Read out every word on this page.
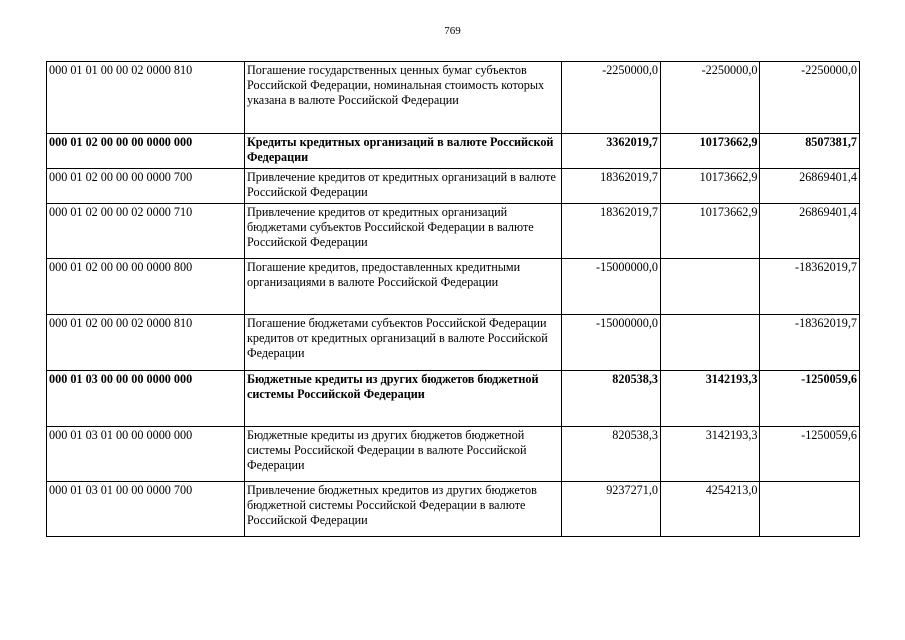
769
000 01 01 00 00 02 0000 810	Погашение государственных ценных бумаг субъектов Российской Федерации, номинальная стоимость которых указана в валюте Российской Федерации	-2250000,0	-2250000,0	-2250000,0
000 01 02 00 00 00 0000 000	Кредиты кредитных организаций в валюте Российской Федерации	3362019,7	10173662,9	8507381,7
000 01 02 00 00 00 0000 700	Привлечение кредитов от кредитных организаций в валюте Российской Федерации	18362019,7	10173662,9	26869401,4
000 01 02 00 00 02 0000 710	Привлечение кредитов от кредитных организаций бюджетами субъектов Российской Федерации в валюте Российской Федерации	18362019,7	10173662,9	26869401,4
000 01 02 00 00 00 0000 800	Погашение кредитов, предоставленных кредитными организациями в валюте Российской Федерации	-15000000,0		-18362019,7
000 01 02 00 00 02 0000 810	Погашение бюджетами субъектов Российской Федерации кредитов от кредитных организаций в валюте Российской Федерации	-15000000,0		-18362019,7
000 01 03 00 00 00 0000 000	Бюджетные кредиты из других бюджетов бюджетной системы Российской Федерации	820538,3	3142193,3	-1250059,6
000 01 03 01 00 00 0000 000	Бюджетные кредиты из других бюджетов бюджетной системы Российской Федерации в валюте Российской Федерации	820538,3	3142193,3	-1250059,6
000 01 03 01 00 00 0000 700	Привлечение бюджетных кредитов из других бюджетов бюджетной системы Российской Федерации в валюте Российской Федерации	9237271,0	4254213,0	
